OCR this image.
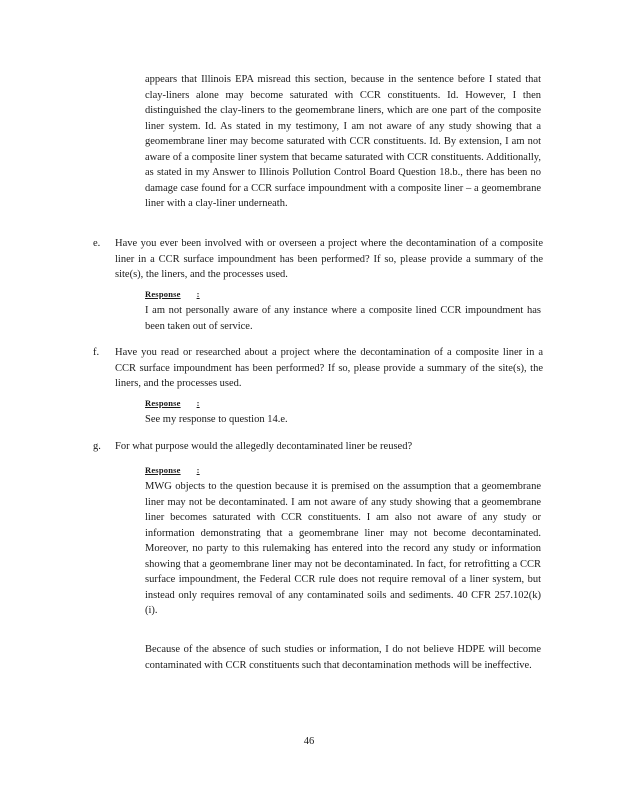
appears that Illinois EPA misread this section, because in the sentence before I stated that clay-liners alone may become saturated with CCR constituents. Id. However, I then distinguished the clay-liners to the geomembrane liners, which are one part of the composite liner system. Id. As stated in my testimony, I am not aware of any study showing that a geomembrane liner may become saturated with CCR constituents. Id. By extension, I am not aware of a composite liner system that became saturated with CCR constituents. Additionally, as stated in my Answer to Illinois Pollution Control Board Question 18.b., there has been no damage case found for a CCR surface impoundment with a composite liner – a geomembrane liner with a clay-liner underneath.

e. Have you ever been involved with or overseen a project where the decontamination of a composite liner in a CCR surface impoundment has been performed? If so, please provide a summary of the site(s), the liners, and the processes used.
Response :
I am not personally aware of any instance where a composite lined CCR impoundment has been taken out of service.
f. Have you read or researched about a project where the decontamination of a composite liner in a CCR surface impoundment has been performed? If so, please provide a summary of the site(s), the liners, and the processes used.
Response :
See my response to question 14.e.
g. For what purpose would the allegedly decontaminated liner be reused?
Response :
MWG objects to the question because it is premised on the assumption that a geomembrane liner may not be decontaminated. I am not aware of any study showing that a geomembrane liner becomes saturated with CCR constituents. I am also not aware of any study or information demonstrating that a geomembrane liner may not become decontaminated. Moreover, no party to this rulemaking has entered into the record any study or information showing that a geomembrane liner may not be decontaminated. In fact, for retrofitting a CCR surface impoundment, the Federal CCR rule does not require removal of a liner system, but instead only requires removal of any contaminated soils and sediments. 40 CFR 257.102(k)(i).
Because of the absence of such studies or information, I do not believe HDPE will become contaminated with CCR constituents such that decontamination methods will be ineffective.
46
